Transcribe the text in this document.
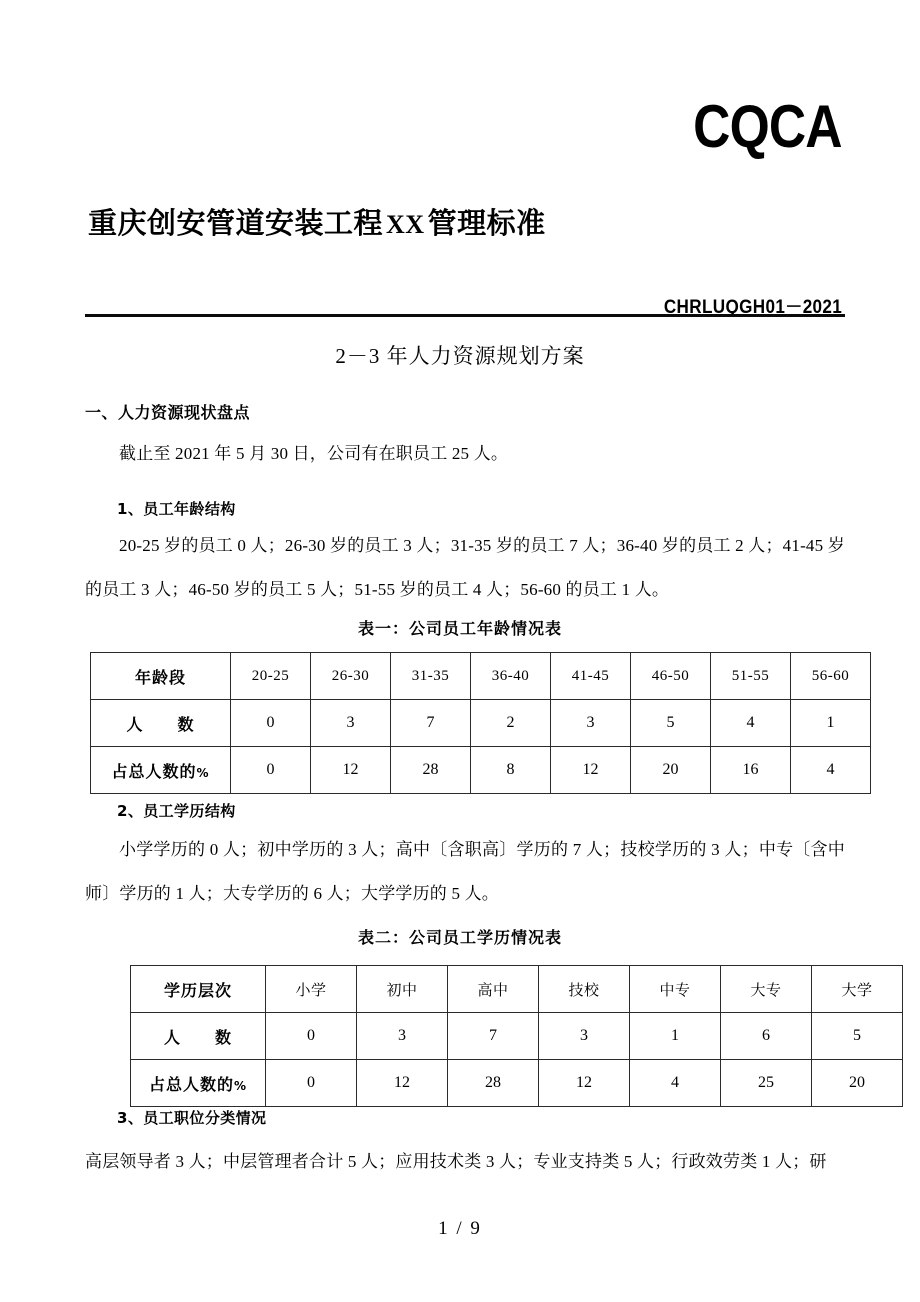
CQCA
重庆创安管道安装工程 XX 管理标准
CHRLUQGH01－2021
2－3 年人力资源规划方案
一、人力资源现状盘点
截止至 2021 年 5 月 30 日，公司有在职员工 25 人。
1、员工年龄结构
20-25 岁的员工 0 人；26-30 岁的员工 3 人；31-35 岁的员工 7 人；36-40 岁的员工 2 人；41-45 岁的员工 3 人；46-50 岁的员工 5 人；51-55 岁的员工 4 人；56-60 的员工 1 人。
表一：公司员工年龄情况表
年龄段	20-25	26-30	31-35	36-40	41-45	46-50	51-55	56-60
人　　数	0	3	7	2	3	5	4	1
占总人数的%	0	12	28	8	12	20	16	4
2、员工学历结构
小学学历的 0 人；初中学历的 3 人；高中〔含职高〕学历的 7 人；技校学历的 3 人；中专〔含中师〕学历的 1 人；大专学历的 6 人；大学学历的 5 人。
表二：公司员工学历情况表
学历层次	小学	初中	高中	技校	中专	大专	大学
人　　数	0	3	7	3	1	6	5
占总人数的%	0	12	28	12	4	25	20
3、员工职位分类情况
高层领导者 3 人；中层管理者合计 5 人；应用技术类 3 人；专业支持类 5 人；行政效劳类 1 人；研
1 / 9
